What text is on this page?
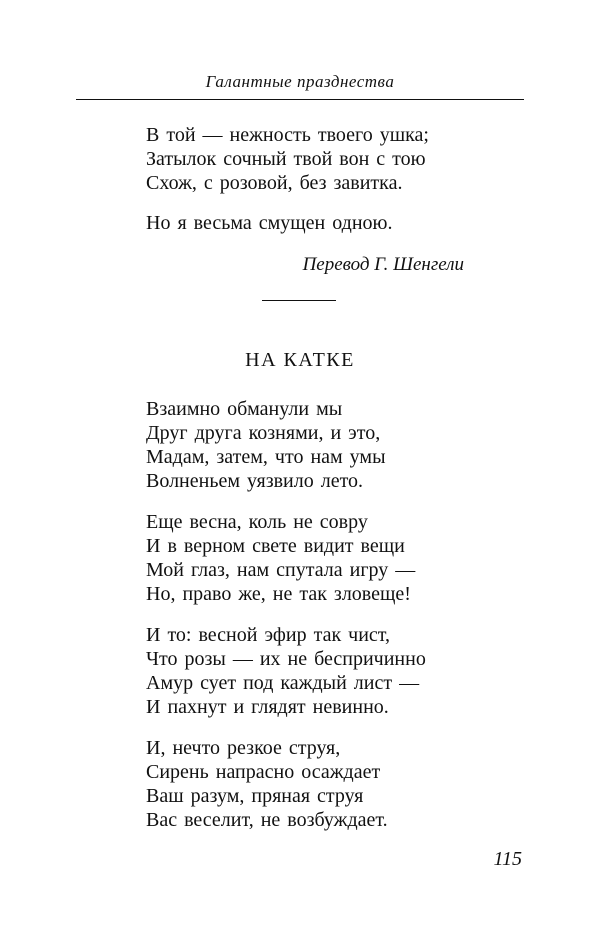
Галантные празднества
В той — нежность твоего ушка;
Затылок сочный твой вон с тою
Схож, с розовой, без завитка.
Но я весьма смущен одною.
Перевод Г. Шенгели
НА КАТКЕ
Взаимно обманули мы
Друг друга кознями, и это,
Мадам, затем, что нам умы
Волненьем уязвило лето.
Еще весна, коль не совру
И в верном свете видит вещи
Мой глаз, нам спутала игру —
Но, право же, не так зловеще!
И то: весной эфир так чист,
Что розы — их не беспричинно
Амур сует под каждый лист —
И пахнут и глядят невинно.
И, нечто резкое струя,
Сирень напрасно осаждает
Ваш разум, пряная струя
Вас веселит, не возбуждает.
115
